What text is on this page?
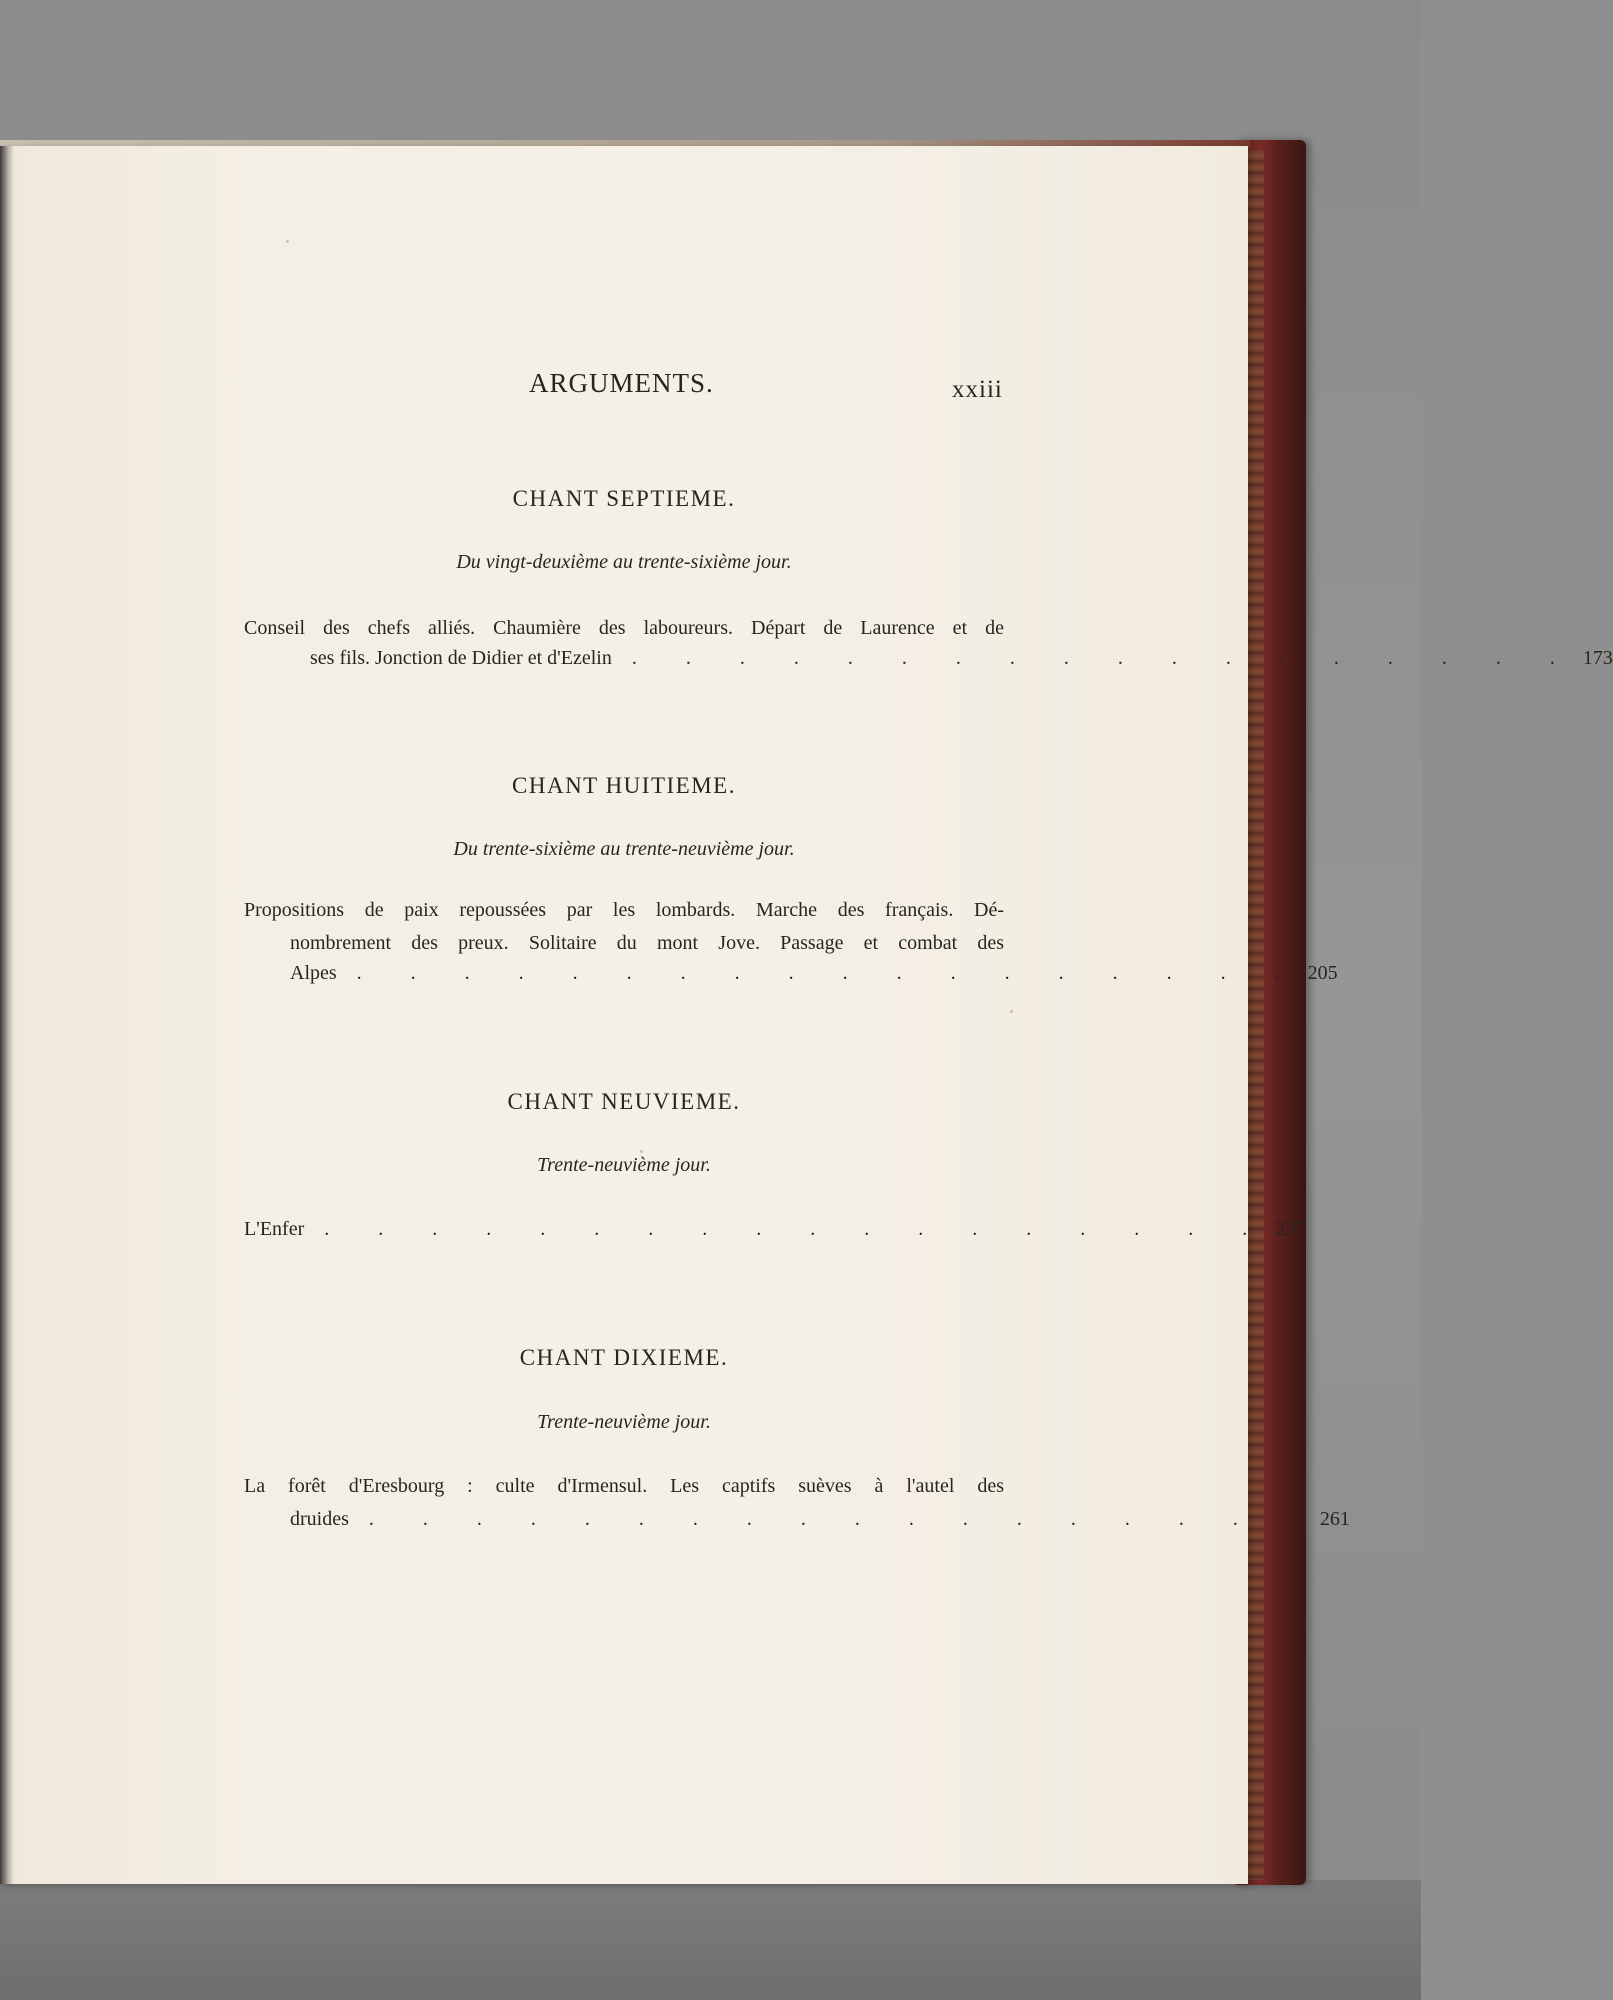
ARGUMENTS.	xxiii
CHANT SEPTIEME.
Du vingt-deuxième au trente-sixième jour.
Conseil des chefs alliés. Chaumière des laboureurs. Départ de Laurence et de
ses fils. Jonction de Didier et d'Ezelin	. . . . . . . . . . . . . . . . . . 173
CHANT HUITIEME.
Du trente-sixième au trente-neuvième jour.
Propositions de paix repoussées par les lombards. Marche des français. Dé-
nombrement des preux. Solitaire du mont Jove. Passage et combat des
Alpes	. . . . . . . . . . . . . . . . . . 205
CHANT NEUVIEME.
Trente-neuvième jour.
L'Enfer	. . . . . . . . . . . . . . . . . . 237
CHANT DIXIEME.
Trente-neuvième jour.
La forêt d'Eresbourg : culte d'Irmensul. Les captifs suèves à l'autel des
druides	. . . . . . . . . . . . . . . . . . 261
